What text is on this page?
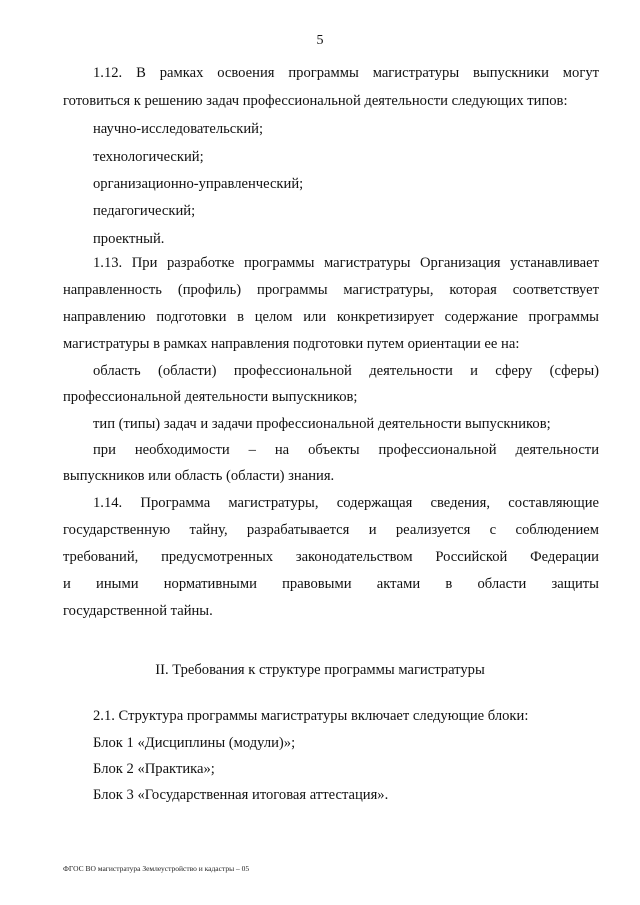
5
1.12. В рамках освоения программы магистратуры выпускники могут
готовиться к решению задач профессиональной деятельности следующих типов:
научно-исследовательский;
технологический;
организационно-управленческий;
педагогический;
проектный.
1.13. При разработке программы магистратуры Организация устанавливает
направленность (профиль) программы магистратуры, которая соответствует
направлению подготовки в целом или конкретизирует содержание программы
магистратуры в рамках направления подготовки путем ориентации ее на:
область (области) профессиональной деятельности и сферу (сферы)
профессиональной деятельности выпускников;
тип (типы) задач и задачи профессиональной деятельности выпускников;
при необходимости – на объекты профессиональной деятельности
выпускников или область (области) знания.
1.14. Программа магистратуры, содержащая сведения, составляющие
государственную тайну, разрабатывается и реализуется с соблюдением
требований, предусмотренных законодательством Российской Федерации
и иными нормативными правовыми актами в области защиты
государственной тайны.
II. Требования к структуре программы магистратуры
2.1. Структура программы магистратуры включает следующие блоки:
Блок 1 «Дисциплины (модули)»;
Блок 2 «Практика»;
Блок 3 «Государственная итоговая аттестация».
ФГОС ВО магистратура Землеустройство и кадастры – 05
